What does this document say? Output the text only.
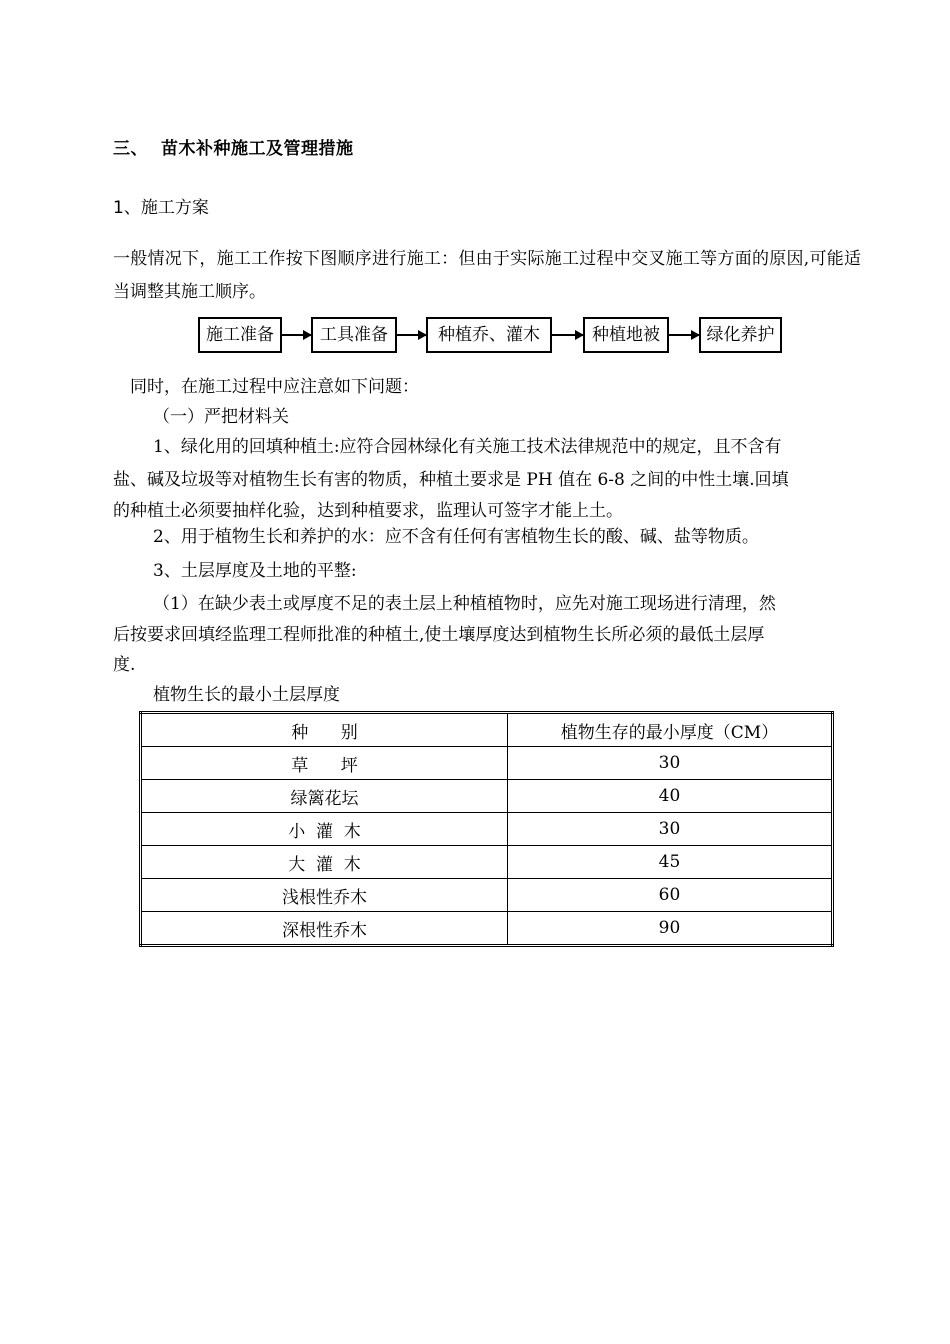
三、 苗木补种施工及管理措施
1、施工方案
一般情况下，施工工作按下图顺序进行施工：但由于实际施工过程中交叉施工等方面的原因,可能适当调整其施工顺序。
施工准备	工具准备	种植乔、灌木	种植地被	绿化养护
同时，在施工过程中应注意如下问题：
（一）严把材料关
1、绿化用的回填种植土:应符合园林绿化有关施工技术法律规范中的规定，且不含有
盐、碱及垃圾等对植物生长有害的物质，种植土要求是 PH 值在 6-8 之间的中性土壤.回填
的种植土必须要抽样化验，达到种植要求，监理认可签字才能上土。
2、用于植物生长和养护的水：应不含有任何有害植物生长的酸、碱、盐等物质。
3、土层厚度及土地的平整:
（1）在缺少表土或厚度不足的表土层上种植植物时，应先对施工现场进行清理，然
后按要求回填经监理工程师批准的种植土,使土壤厚度达到植物生长所必须的最低土层厚
度.
植物生长的最小土层厚度
种      别	植物生存的最小厚度（CM）
草      坪	30
绿篱花坛	40
小  灌  木	30
大  灌  木	45
浅根性乔木	60
深根性乔木	90
